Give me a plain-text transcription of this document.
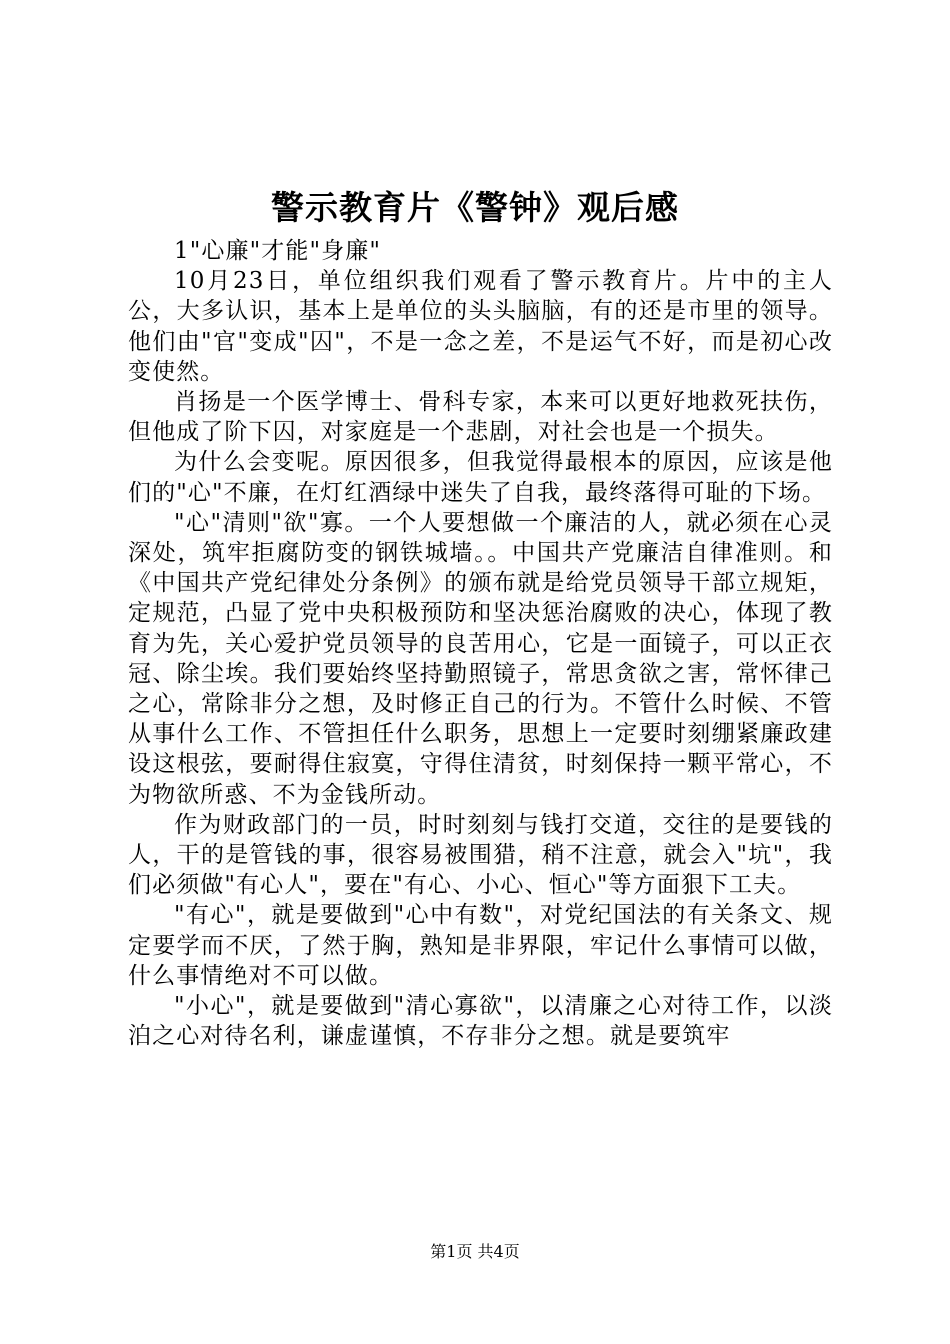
警示教育片《警钟》观后感

1"心廉"才能"身廉"

10月23日，单位组织我们观看了警示教育片。片中的主人公，大多认识，基本上是单位的头头脑脑，有的还是市里的领导。他们由"官"变成"囚"，不是一念之差，不是运气不好，而是初心改变使然。

肖扬是一个医学博士、骨科专家，本来可以更好地救死扶伤，但他成了阶下囚，对家庭是一个悲剧，对社会也是一个损失。

为什么会变呢。原因很多，但我觉得最根本的原因，应该是他们的"心"不廉，在灯红酒绿中迷失了自我，最终落得可耻的下场。

"心"清则"欲"寡。一个人要想做一个廉洁的人，就必须在心灵深处，筑牢拒腐防变的钢铁城墙。。中国共产党廉洁自律准则。和《中国共产党纪律处分条例》的颁布就是给党员领导干部立规矩，定规范，凸显了党中央积极预防和坚决惩治腐败的决心，体现了教育为先，关心爱护党员领导的良苦用心，它是一面镜子，可以正衣冠、除尘埃。我们要始终坚持勤照镜子，常思贪欲之害，常怀律己之心，常除非分之想，及时修正自己的行为。不管什么时候、不管从事什么工作、不管担任什么职务，思想上一定要时刻绷紧廉政建设这根弦，要耐得住寂寞，守得住清贫，时刻保持一颗平常心，不为物欲所惑、不为金钱所动。

作为财政部门的一员，时时刻刻与钱打交道，交往的是要钱的人，干的是管钱的事，很容易被围猎，稍不注意，就会入"坑"，我们必须做"有心人"，要在"有心、小心、恒心"等方面狠下工夫。

"有心"，就是要做到"心中有数"，对党纪国法的有关条文、规定要学而不厌，了然于胸，熟知是非界限，牢记什么事情可以做，什么事情绝对不可以做。

"小心"，就是要做到"清心寡欲"，以清廉之心对待工作，以淡泊之心对待名利，谦虚谨慎，不存非分之想。就是要筑牢

第1页 共4页
